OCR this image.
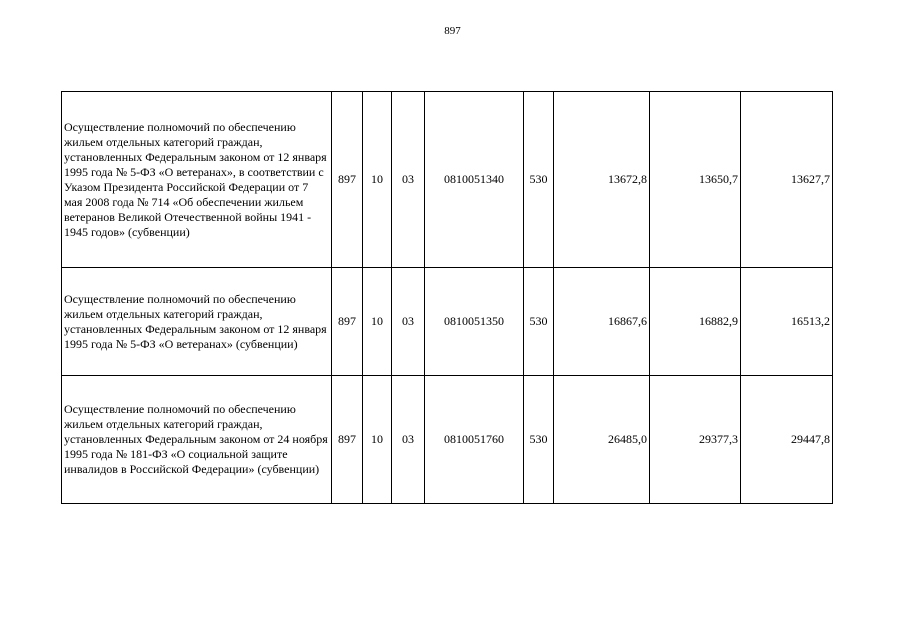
897
Осуществление полномочий по обеспечению жильем отдельных категорий граждан, установленных Федеральным законом от 12 января 1995 года № 5-ФЗ «О ветеранах», в соответствии с Указом Президента Российской Федерации от 7 мая 2008 года № 714 «Об обеспечении жильем ветеранов Великой Отечественной войны 1941 - 1945 годов» (субвенции)	897	10	03	0810051340	530	13672,8	13650,7	13627,7
Осуществление полномочий по обеспечению жильем отдельных категорий граждан, установленных Федеральным законом от 12 января 1995 года № 5-ФЗ «О ветеранах» (субвенции)	897	10	03	0810051350	530	16867,6	16882,9	16513,2
Осуществление полномочий по обеспечению жильем отдельных категорий граждан, установленных Федеральным законом от 24 ноября 1995 года № 181-ФЗ «О социальной защите инвалидов в Российской Федерации» (субвенции)	897	10	03	0810051760	530	26485,0	29377,3	29447,8
